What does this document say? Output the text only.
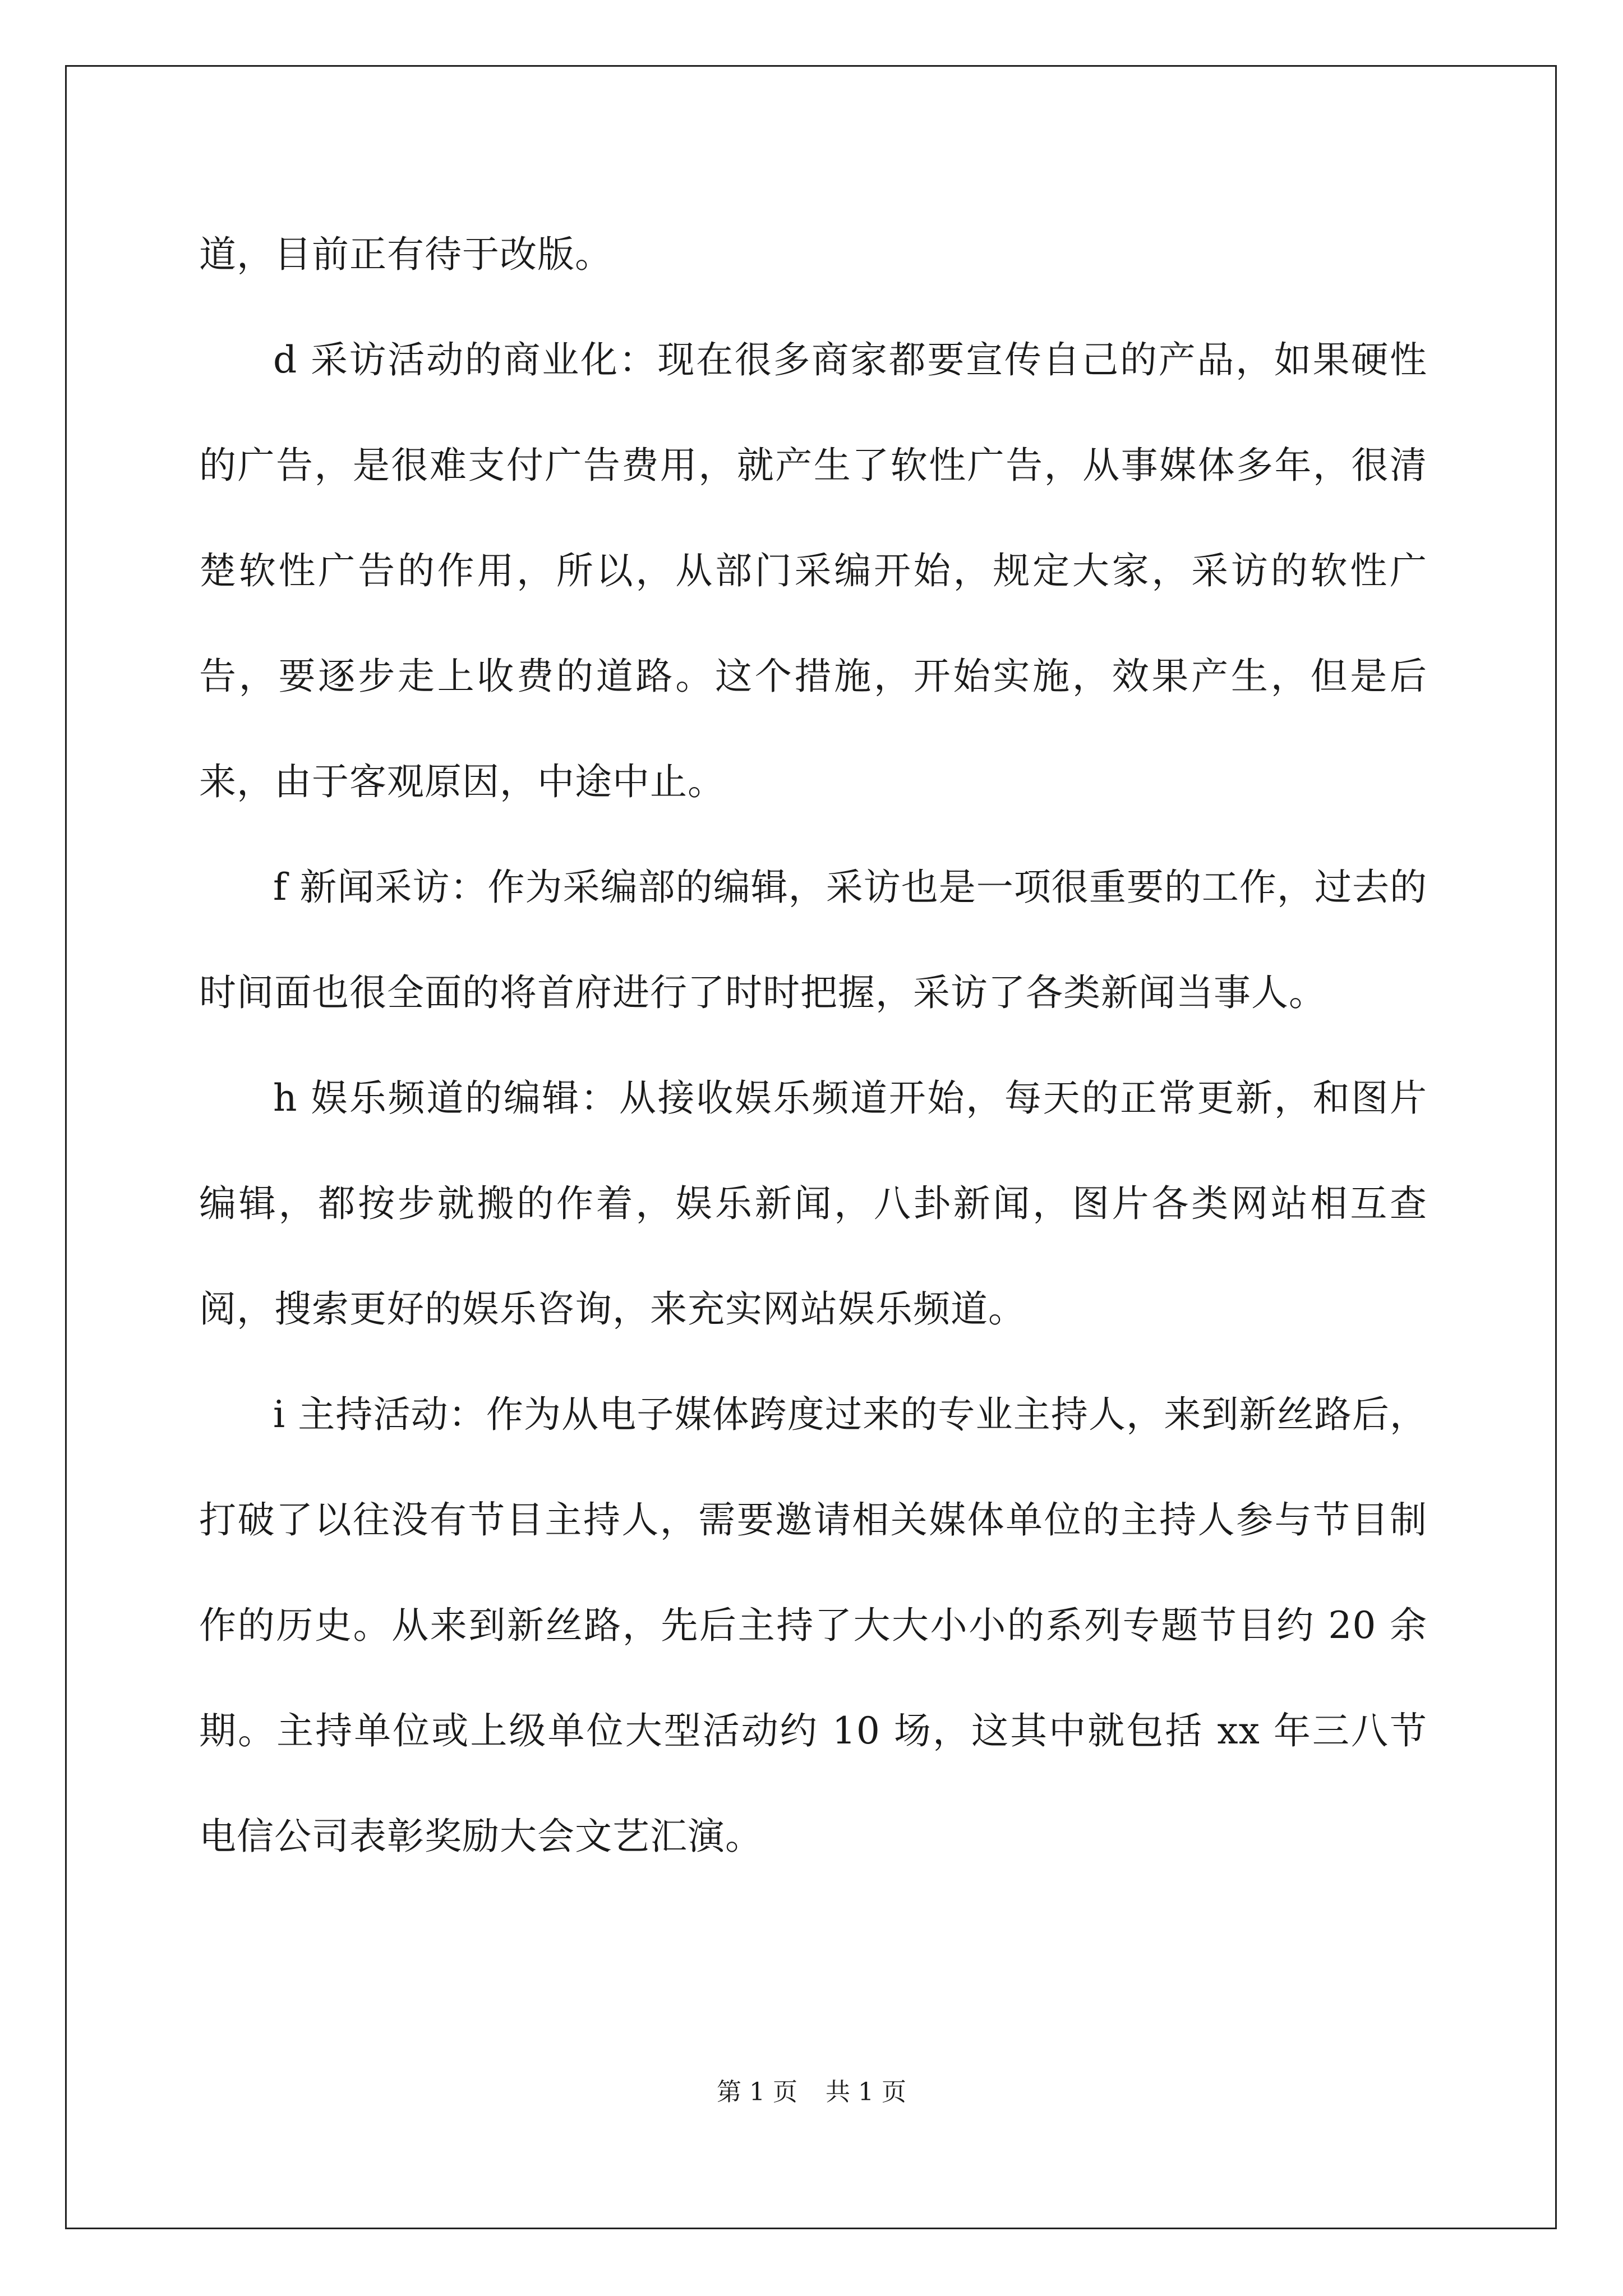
道，目前正有待于改版。

d 采访活动的商业化：现在很多商家都要宣传自己的产品，如果硬性的广告，是很难支付广告费用，就产生了软性广告，从事媒体多年，很清楚软性广告的作用，所以，从部门采编开始，规定大家，采访的软性广告，要逐步走上收费的道路。这个措施，开始实施，效果产生，但是后来，由于客观原因，中途中止。

f 新闻采访：作为采编部的编辑，采访也是一项很重要的工作，过去的时间面也很全面的将首府进行了时时把握，采访了各类新闻当事人。

h 娱乐频道的编辑：从接收娱乐频道开始，每天的正常更新，和图片编辑，都按步就搬的作着，娱乐新闻，八卦新闻，图片各类网站相互查阅，搜索更好的娱乐咨询，来充实网站娱乐频道。

i 主持活动：作为从电子媒体跨度过来的专业主持人，来到新丝路后，打破了以往没有节目主持人，需要邀请相关媒体单位的主持人参与节目制作的历史。从来到新丝路，先后主持了大大小小的系列专题节目约 20 余期。主持单位或上级单位大型活动约 10 场，这其中就包括 xx 年三八节电信公司表彰奖励大会文艺汇演。

第 1 页 共 1 页
